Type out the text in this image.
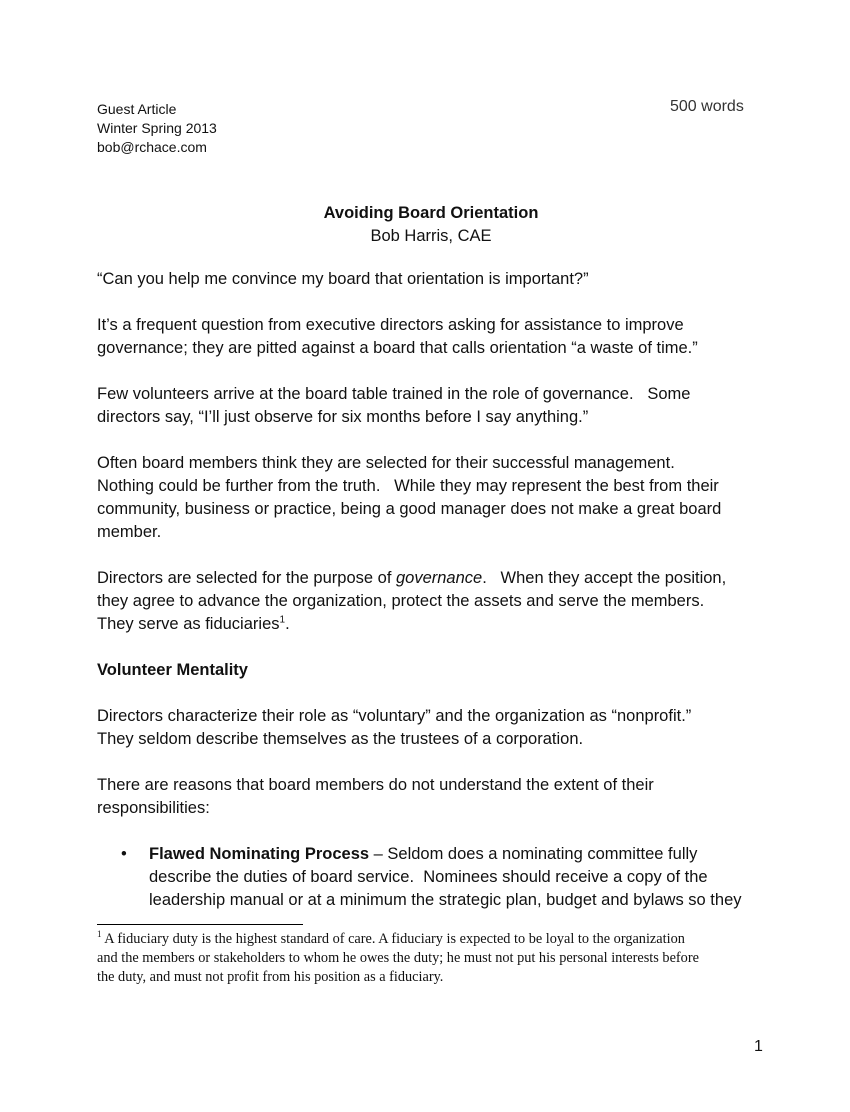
Guest Article
Winter Spring 2013
bob@rchace.com
500 words
Avoiding Board Orientation
Bob Harris, CAE

“Can you help me convince my board that orientation is important?”

It’s a frequent question from executive directors asking for assistance to improve
governance; they are pitted against a board that calls orientation “a waste of time.”

Few volunteers arrive at the board table trained in the role of governance.   Some
directors say, “I’ll just observe for six months before I say anything.”

Often board members think they are selected for their successful management.
Nothing could be further from the truth.   While they may represent the best from their
community, business or practice, being a good manager does not make a great board
member.

Directors are selected for the purpose of governance.   When they accept the position,
they agree to advance the organization, protect the assets and serve the members.
They serve as fiduciaries$^1$.

Volunteer Mentality

Directors characterize their role as “voluntary” and the organization as “nonprofit.”
They seldom describe themselves as the trustees of a corporation.

There are reasons that board members do not understand the extent of their
responsibilities:

• Flawed Nominating Process – Seldom does a nominating committee fully
describe the duties of board service.  Nominees should receive a copy of the
leadership manual or at a minimum the strategic plan, budget and bylaws so they
$^1$ A fiduciary duty is the highest standard of care. A fiduciary is expected to be loyal to the organization
and the members or stakeholders to whom he owes the duty; he must not put his personal interests before
the duty, and must not profit from his position as a fiduciary.
1
